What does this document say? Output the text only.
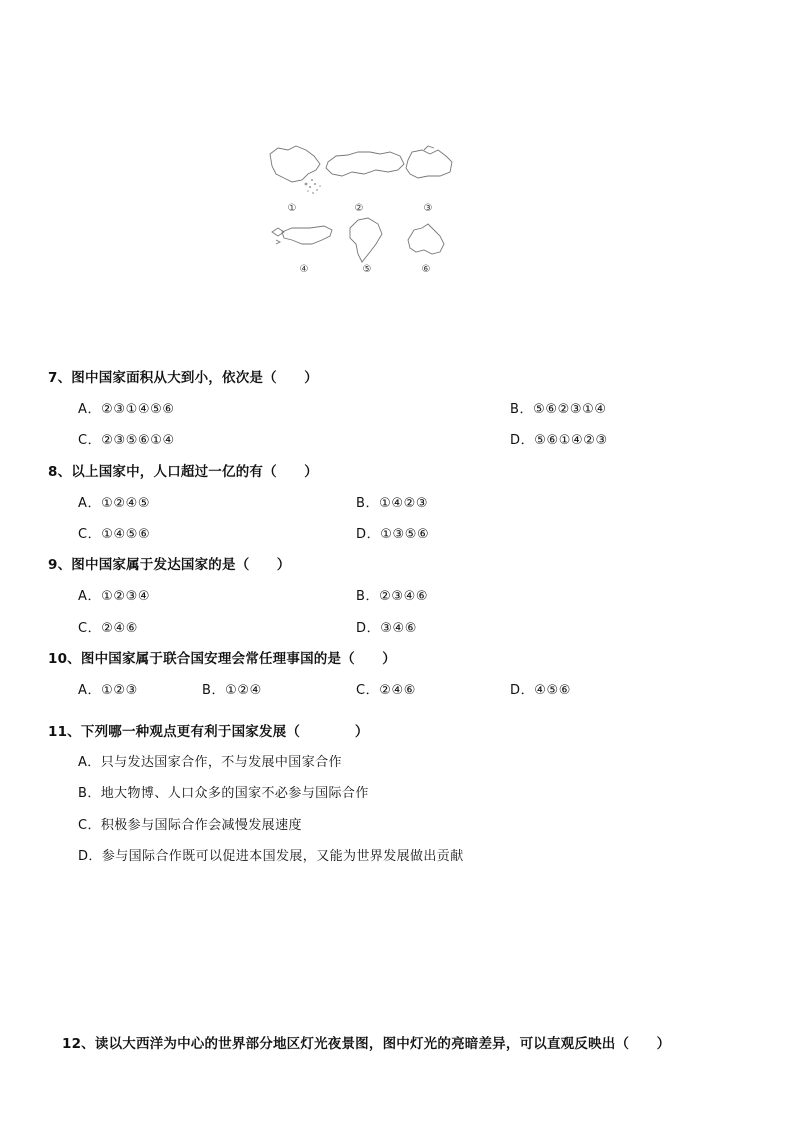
①	②	③
④	⑤	⑥
7、图中国家面积从大到小，依次是（　　）
A．②③①④⑤⑥	B．⑤⑥②③①④
C．②③⑤⑥①④	D．⑤⑥①④②③
8、以上国家中，人口超过一亿的有（　　）
A．①②④⑤	B．①④②③
C．①④⑤⑥	D．①③⑤⑥
9、图中国家属于发达国家的是（　　）
A．①②③④	B．②③④⑥
C．②④⑥	D．③④⑥
10、图中国家属于联合国安理会常任理事国的是（　　）
A．①②③	B．①②④	C．②④⑥	D．④⑤⑥
11、下列哪一种观点更有利于国家发展（　　　　）
A．只与发达国家合作，不与发展中国家合作
B．地大物博、人口众多的国家不必参与国际合作
C．积极参与国际合作会减慢发展速度
D．参与国际合作既可以促进本国发展，又能为世界发展做出贡献
12、读以大西洋为中心的世界部分地区灯光夜景图，图中灯光的亮暗差异，可以直观反映出（　　）
